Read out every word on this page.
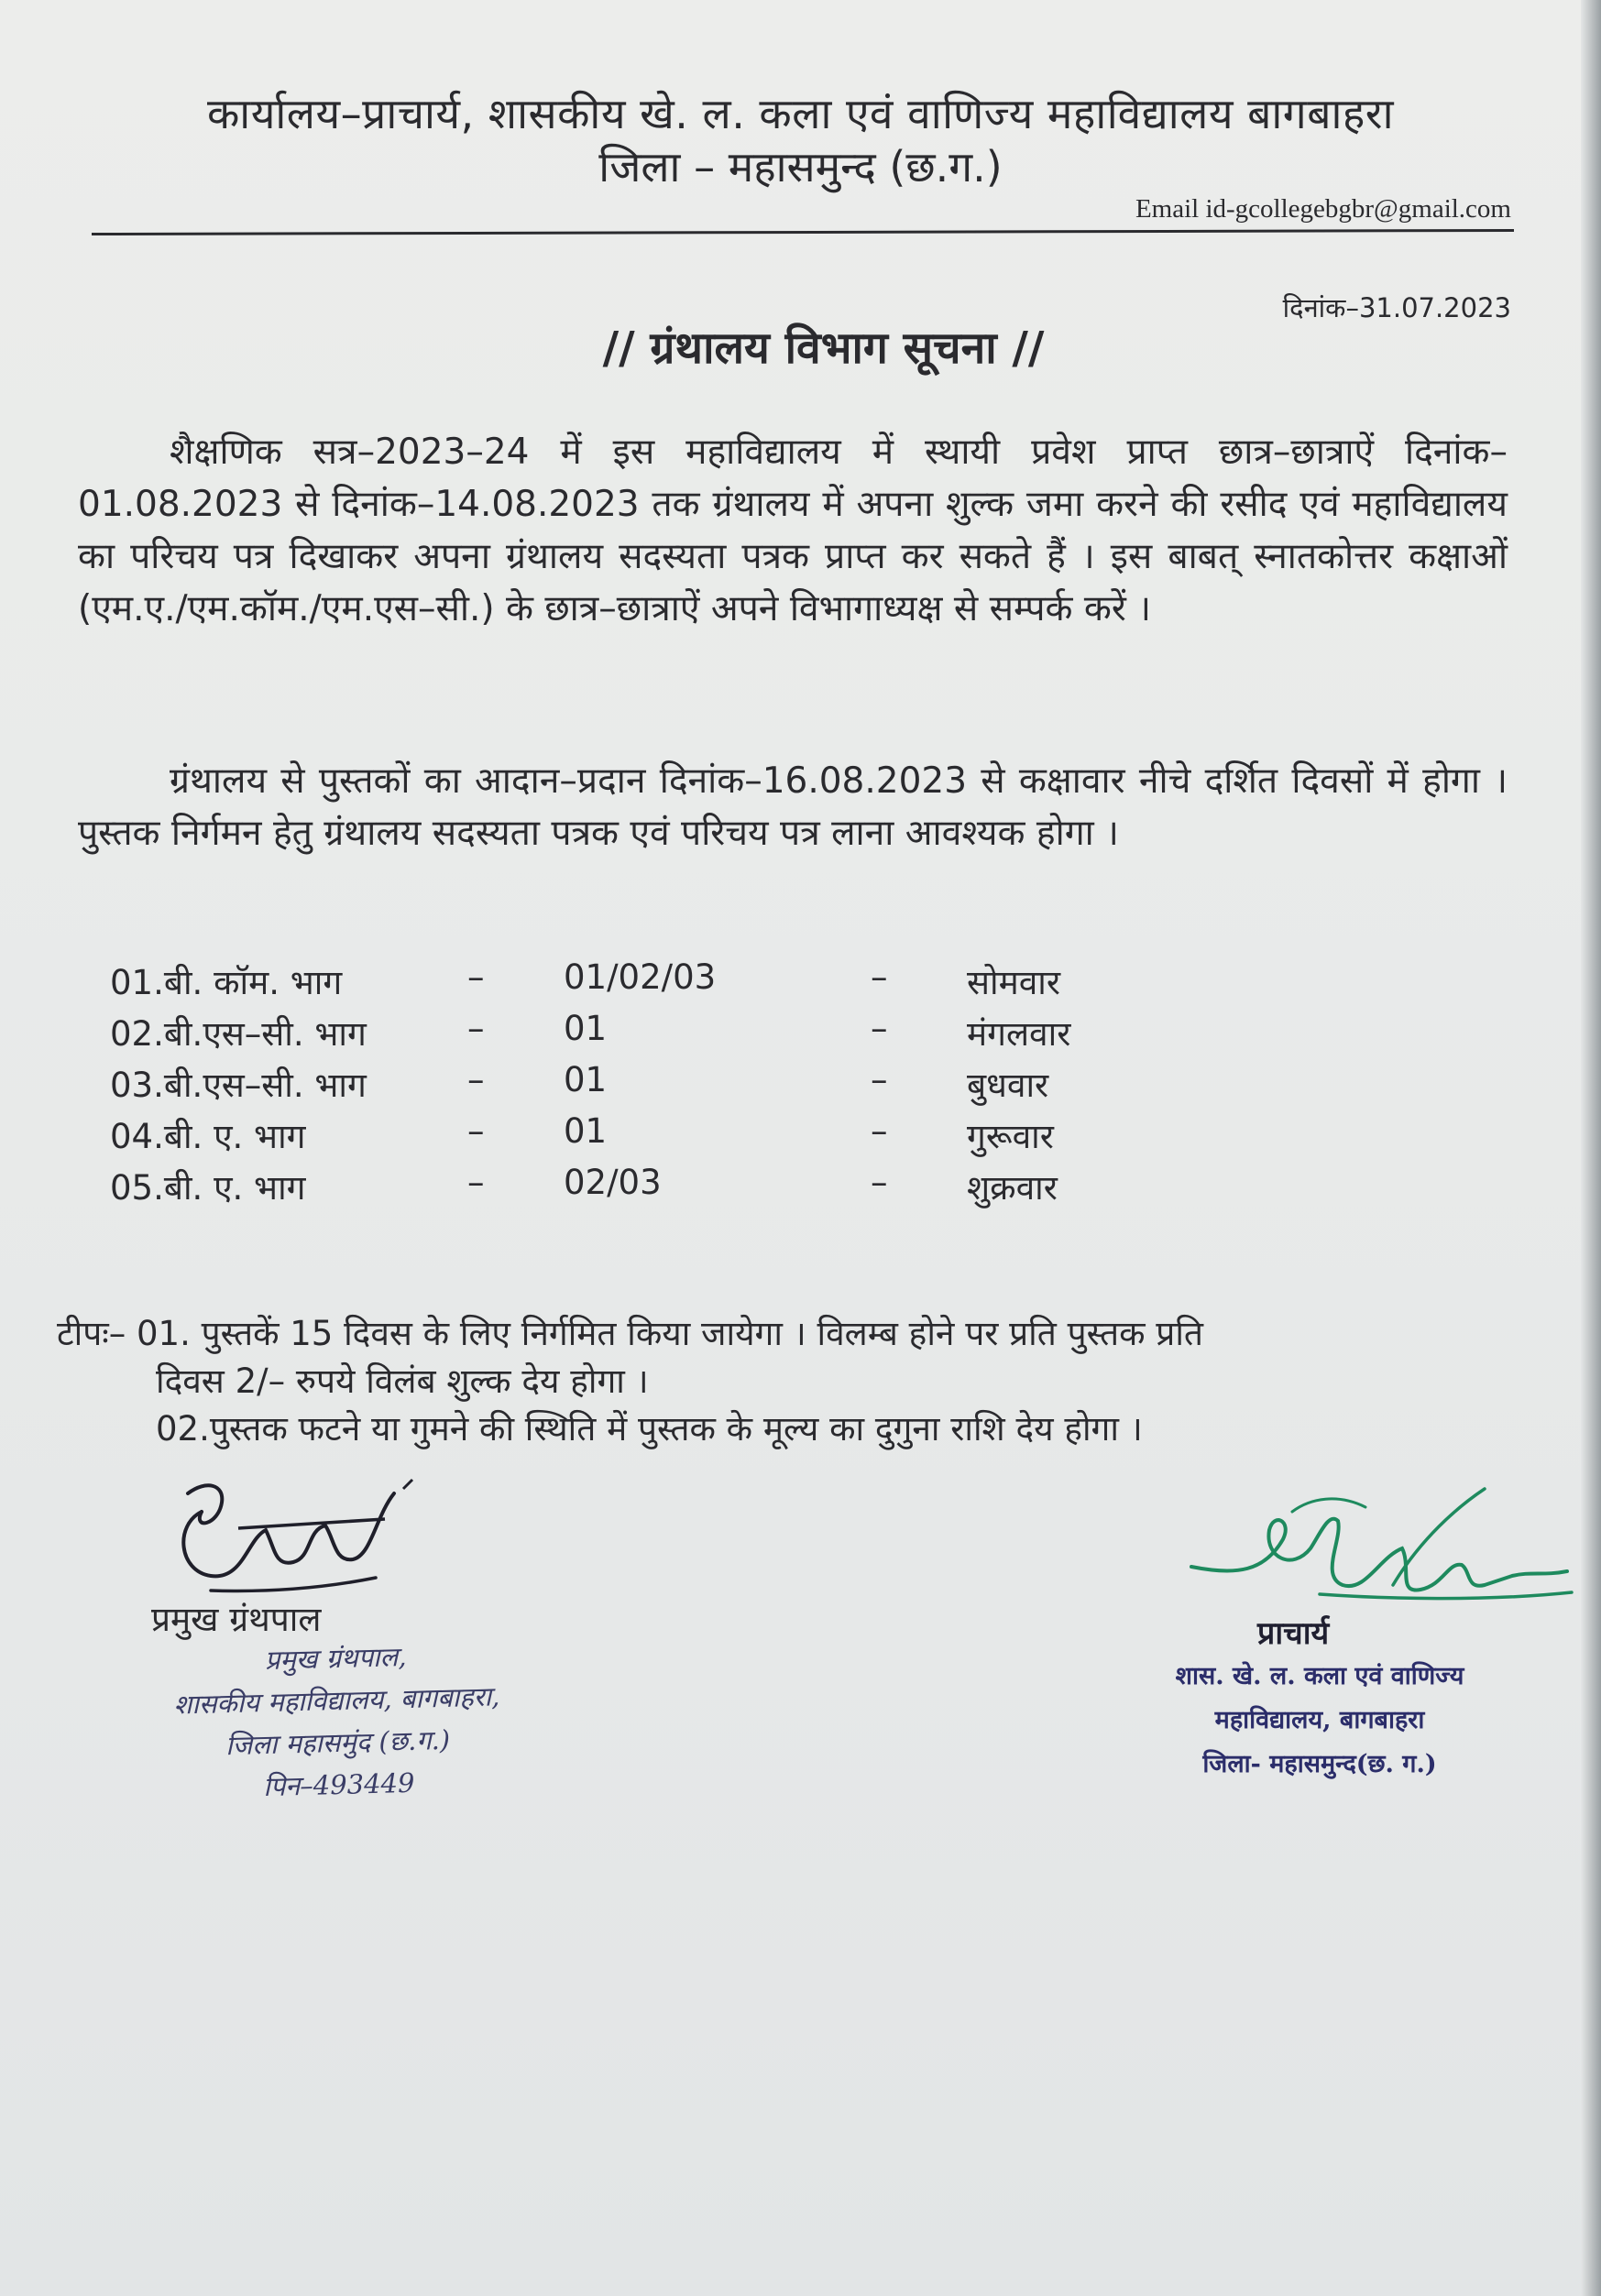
कार्यालय–प्राचार्य, शासकीय खे. ल. कला एवं वाणिज्य महाविद्यालय बागबाहरा
जिला – महासमुन्द (छ.ग.)
Email id-gcollegebgbr@gmail.com
दिनांक–31.07.2023
// ग्रंथालय विभाग सूचना //
शैक्षणिक सत्र–2023–24 में इस महाविद्यालय में स्थायी प्रवेश प्राप्त छात्र–छात्राऐं दिनांक–01.08.2023 से दिनांक–14.08.2023 तक ग्रंथालय में अपना शुल्क जमा करने की रसीद एवं महाविद्यालय का परिचय पत्र दिखाकर अपना ग्रंथालय सदस्यता पत्रक प्राप्त कर सकते हैं । इस बाबत् स्नातकोत्तर कक्षाओं (एम.ए./एम.कॉम./एम.एस–सी.) के छात्र–छात्राऐं अपने विभागाध्यक्ष से सम्पर्क करें ।
ग्रंथालय से पुस्तकों का आदान–प्रदान दिनांक–16.08.2023 से कक्षावार नीचे दर्शित दिवसों में होगा । पुस्तक निर्गमन हेतु ग्रंथालय सदस्यता पत्रक एवं परिचय पत्र लाना आवश्यक होगा ।
01.बी. कॉम. भाग	– 01/02/03	– सोमवार
02.बी.एस–सी. भाग	– 01	– मंगलवार
03.बी.एस–सी. भाग	– 01	– बुधवार
04.बी. ए. भाग	– 01	– गुरूवार
05.बी. ए. भाग	– 02/03	– शुक्रवार
टीपः– 01. पुस्तकें 15 दिवस के लिए निर्गमित किया जायेगा । विलम्ब होने पर प्रति पुस्तक प्रति
दिवस 2/– रुपये विलंब शुल्क देय होगा ।
02.पुस्तक फटने या गुमने की स्थिति में पुस्तक के मूल्य का दुगुना राशि देय होगा ।
प्रमुख ग्रंथपाल
प्रमुख ग्रंथपाल,
शासकीय महाविद्यालय, बागबाहरा,
जिला महासमुंद (छ.ग.)
पिन–493449
प्राचार्य
शास. खे. ल. कला एवं वाणिज्य
महाविद्यालय, बागबाहरा
जिला- महासमुन्द(छ. ग.)
